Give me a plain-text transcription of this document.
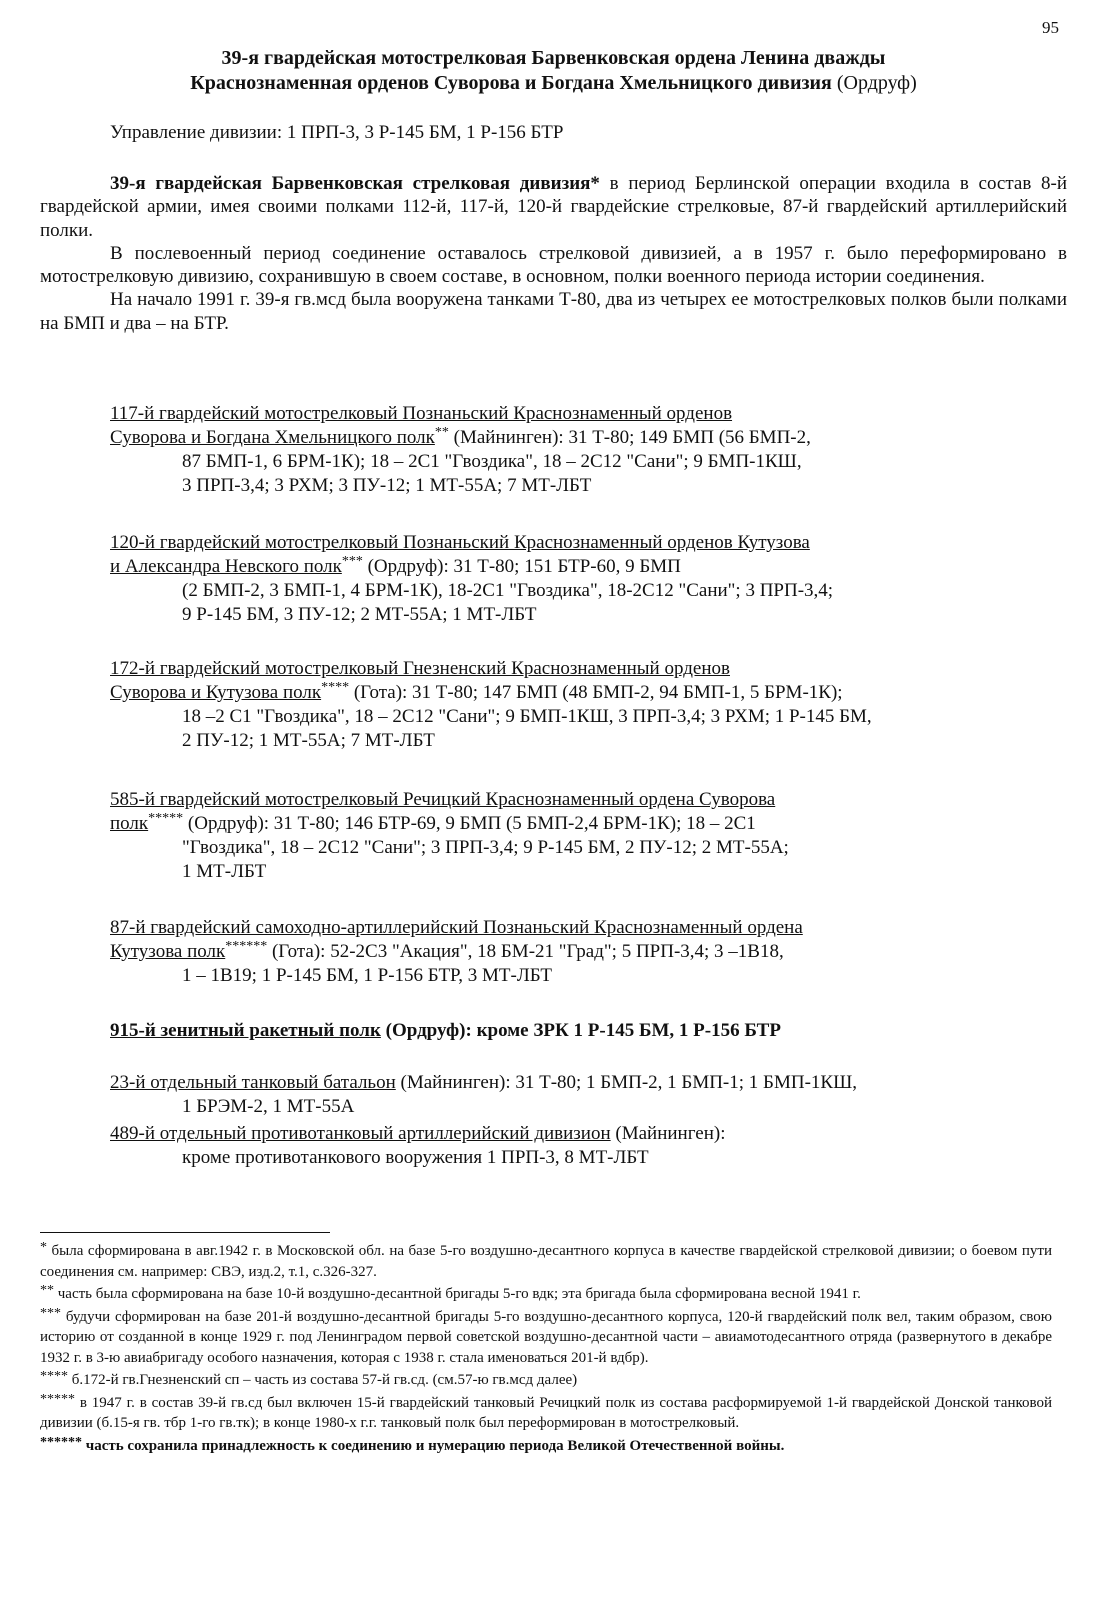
95
39-я гвардейская мотострелковая Барвенковская ордена Ленина дважды
Краснознаменная орденов Суворова и Богдана Хмельницкого дивизия (Ордруф)
Управление дивизии: 1 ПРП-3, 3 Р-145 БМ, 1 Р-156 БТР

39-я гвардейская Барвенковская стрелковая дивизия* в период Берлинской операции входила в состав 8-й гвардейской армии, имея своими полками 112-й, 117-й, 120-й гвардейские стрелковые, 87-й гвардейский артиллерийский полки.

В послевоенный период соединение оставалось стрелковой дивизией, а в 1957 г. было переформировано в мотострелковую дивизию, сохранившую в своем составе, в основном, полки военного периода истории соединения.

На начало 1991 г. 39-я гв.мсд была вооружена танками Т-80, два из четырех ее мотострелковых полков были полками на БМП и два – на БТР.

117-й гвардейский мотострелковый Познаньский Краснознаменный орденов
Суворова и Богдана Хмельницкого полк** (Майнинген): 31 Т-80; 149 БМП (56 БМП-2,
87 БМП-1, 6 БРМ-1К); 18 – 2С1 "Гвоздика", 18 – 2С12 "Сани"; 9 БМП-1КШ,
3 ПРП-3,4; 3 РХМ; 3 ПУ-12; 1 МТ-55А; 7 МТ-ЛБТ
120-й гвардейский мотострелковый Познаньский Краснознаменный орденов Кутузова
и Александра Невского полк*** (Ордруф): 31 Т-80; 151 БТР-60, 9 БМП
(2 БМП-2, 3 БМП-1, 4 БРМ-1К), 18-2С1 "Гвоздика", 18-2С12 "Сани"; 3 ПРП-3,4;
9 Р-145 БМ, 3 ПУ-12; 2 МТ-55А; 1 МТ-ЛБТ
172-й гвардейский мотострелковый Гнезненский Краснознаменный орденов
Суворова и Кутузова полк**** (Гота): 31 Т-80; 147 БМП (48 БМП-2, 94 БМП-1, 5 БРМ-1К);
18 –2 С1 "Гвоздика", 18 – 2С12 "Сани"; 9 БМП-1КШ, 3 ПРП-3,4; 3 РХМ; 1 Р-145 БМ,
2 ПУ-12; 1 МТ-55А; 7 МТ-ЛБТ
585-й гвардейский мотострелковый Речицкий Краснознаменный ордена Суворова
полк***** (Ордруф): 31 Т-80; 146 БТР-69, 9 БМП (5 БМП-2,4 БРМ-1К); 18 – 2С1
"Гвоздика", 18 – 2С12 "Сани"; 3 ПРП-3,4; 9 Р-145 БМ, 2 ПУ-12; 2 МТ-55А;
1 МТ-ЛБТ
87-й гвардейский самоходно-артиллерийский Познаньский Краснознаменный ордена
Кутузова полк****** (Гота): 52-2С3 "Акация", 18 БМ-21 "Град"; 5 ПРП-3,4; 3 –1В18,
1 – 1В19; 1 Р-145 БМ, 1 Р-156 БТР, 3 МТ-ЛБТ
915-й зенитный ракетный полк (Ордруф): кроме ЗРК 1 Р-145 БМ, 1 Р-156 БТР
23-й отдельный танковый батальон (Майнинген): 31 Т-80; 1 БМП-2, 1 БМП-1; 1 БМП-1КШ,
1 БРЭМ-2, 1 МТ-55А
489-й отдельный противотанковый артиллерийский дивизион (Майнинген):
кроме противотанкового вооружения 1 ПРП-3, 8 МТ-ЛБТ

* была сформирована в авг.1942 г. в Московской обл. на базе 5-го воздушно-десантного корпуса в качестве гвардейской стрелковой дивизии; о боевом пути соединения см. например: СВЭ, изд.2, т.1, с.326-327.

** часть была сформирована на базе 10-й воздушно-десантной бригады 5-го вдк; эта бригада была сформирована весной 1941 г.

*** будучи сформирован на базе 201-й воздушно-десантной бригады 5-го воздушно-десантного корпуса, 120-й гвардейский полк вел, таким образом, свою историю от созданной в конце 1929 г. под Ленинградом первой советской воздушно-десантной части – авиамотодесантного отряда (развернутого в декабре 1932 г. в 3-ю авиабригаду особого назначения, которая с 1938 г. стала именоваться 201-й вдбр).

**** б.172-й гв.Гнезненский сп – часть из состава 57-й гв.сд. (см.57-ю гв.мсд далее)

***** в 1947 г. в состав 39-й гв.сд был включен 15-й гвардейский танковый Речицкий полк из состава расформируемой 1-й гвардейской Донской танковой дивизии (б.15-я гв. тбр 1-го гв.тк); в конце 1980-х г.г. танковый полк был переформирован в мотострелковый.

****** часть сохранила принадлежность к соединению и нумерацию периода Великой Отечественной войны.
